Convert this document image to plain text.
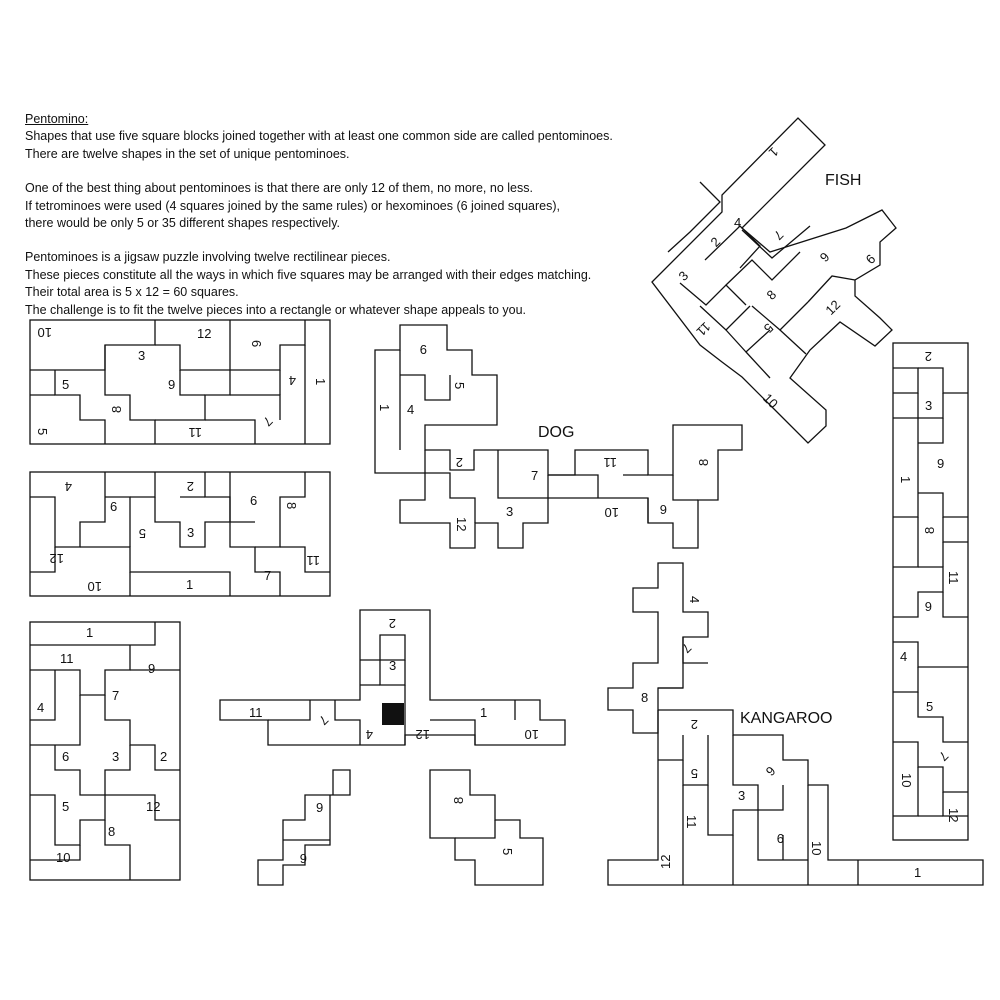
Pentomino:
Shapes that use five square blocks joined together with at least one common side are called pentominoes.
There are twelve shapes in the set of unique pentominoes.
One of the best thing about pentominoes is that there are only 12 of them, no more, no less.
If tetrominoes were used (4 squares joined by the same rules) or hexominoes (6 joined squares),
there would be only 5 or 35 different shapes respectively.
Pentominoes is a jigsaw puzzle involving twelve rectilinear pieces.
These pieces constitute all the ways in which five squares may be arranged with their edges matching.
Their total area is 5 x 12 = 60 squares.
The challenge is to fit the twelve pieces into a rectangle or whatever shape appeals to you.
FISH
DOG
KANGAROO
10	12
3
9
5
6
4 1
8
5	11
7
4
6
2
6 8
5	3
12	11
10	1
7
1
11
9
7
4
6	3	2
5	12
8
10
9
5
1 4
2
7
11	8
3	10	6
12
1
4
2	7
6 9
3
8
12
11	5
10
2
3
9
1
8
11
6
4
5
7
10
12
4
7
8
2
5	6
3
11
12
9
10
1
2
3
11	7
4	12
1
10
9
6
8
5
